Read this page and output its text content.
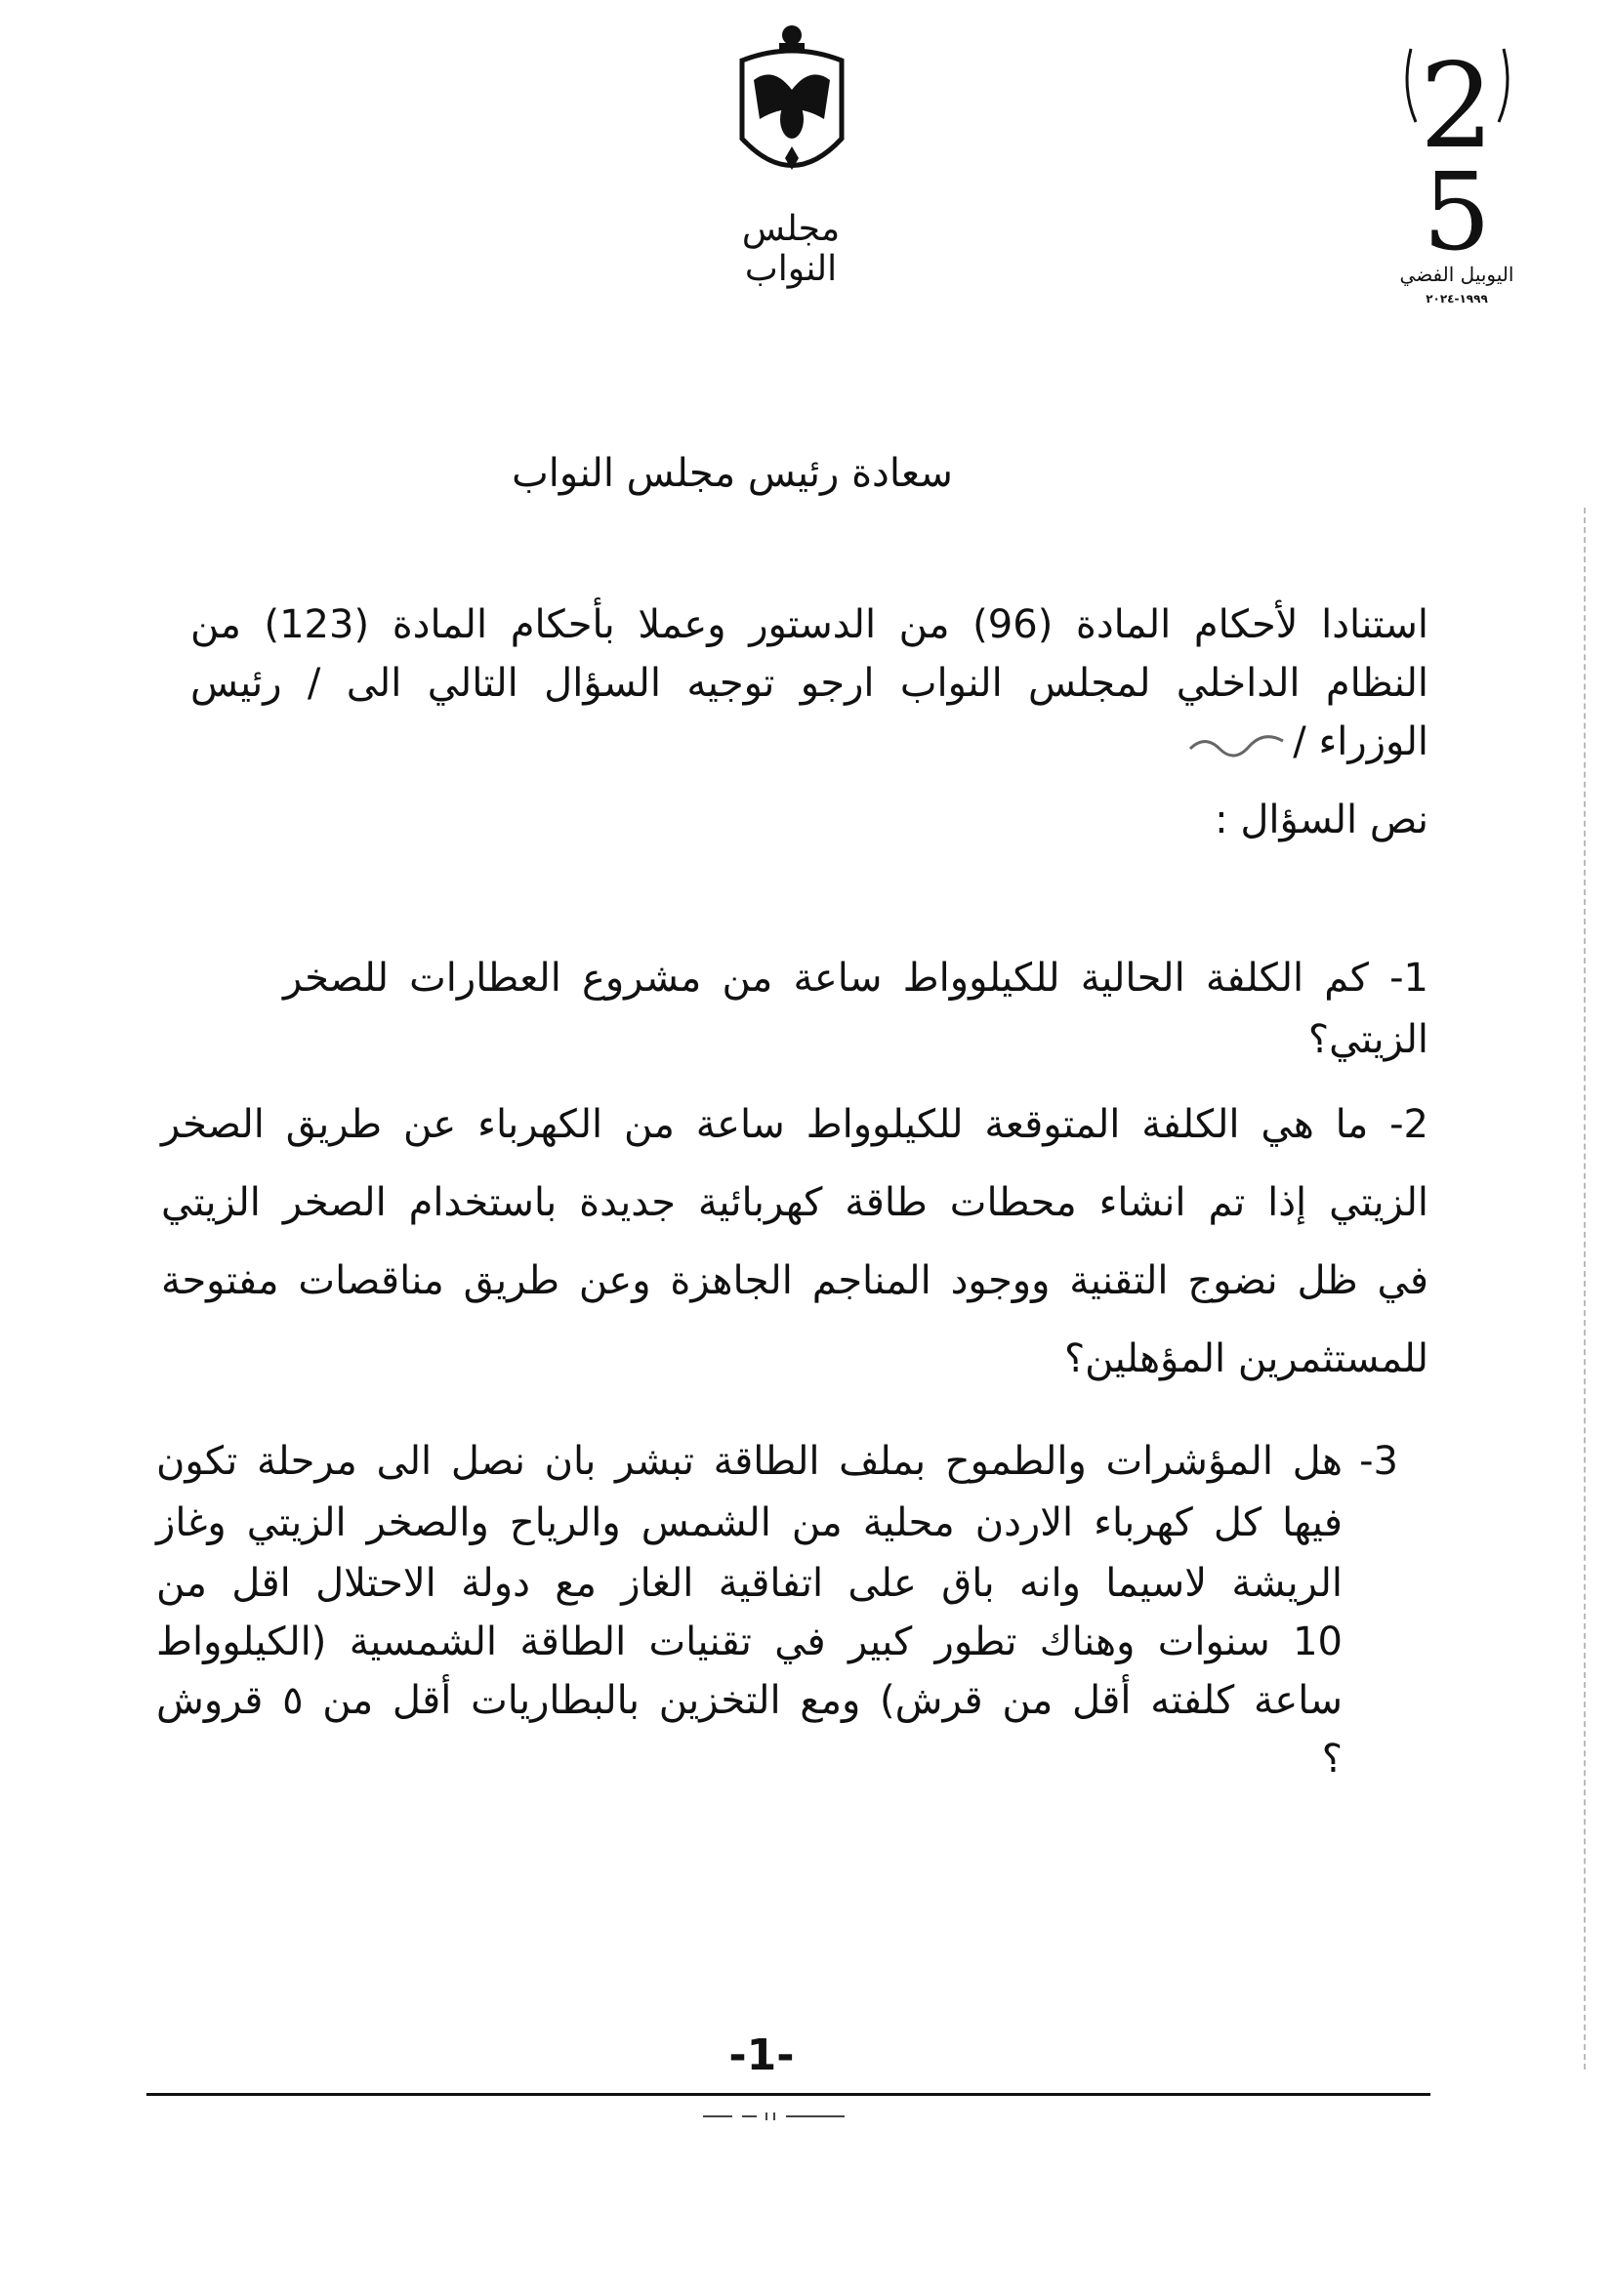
مجلس النواب
2
5
اليوبيل الفضي
١٩٩٩-٢٠٢٤
سعادة رئيس مجلس النواب
استنادا لأحكام المادة (96) من الدستور وعملا بأحكام المادة (123) من
النظام الداخلي لمجلس النواب ارجو توجيه السؤال التالي الى / رئيس
الوزراء /
نص السؤال :
1- كم الكلفة الحالية للكيلوواط ساعة من مشروع العطارات للصخر
الزيتي؟
2- ما هي الكلفة المتوقعة للكيلوواط ساعة من الكهرباء عن طريق الصخر
الزيتي إذا تم انشاء محطات طاقة كهربائية جديدة باستخدام الصخر الزيتي
في ظل نضوج التقنية ووجود المناجم الجاهزة وعن طريق مناقصات مفتوحة
للمستثمرين المؤهلين؟
3-
هل المؤشرات والطموح بملف الطاقة تبشر بان نصل الى مرحلة تكون
فيها كل كهرباء الاردن محلية من الشمس والرياح والصخر الزيتي وغاز
الريشة لاسيما وانه باق على اتفاقية الغاز مع دولة الاحتلال اقل من
10 سنوات وهناك تطور كبير في تقنيات الطاقة الشمسية (الكيلوواط
ساعة كلفته أقل من قرش) ومع التخزين بالبطاريات أقل من ٥ قروش
؟
-1-
